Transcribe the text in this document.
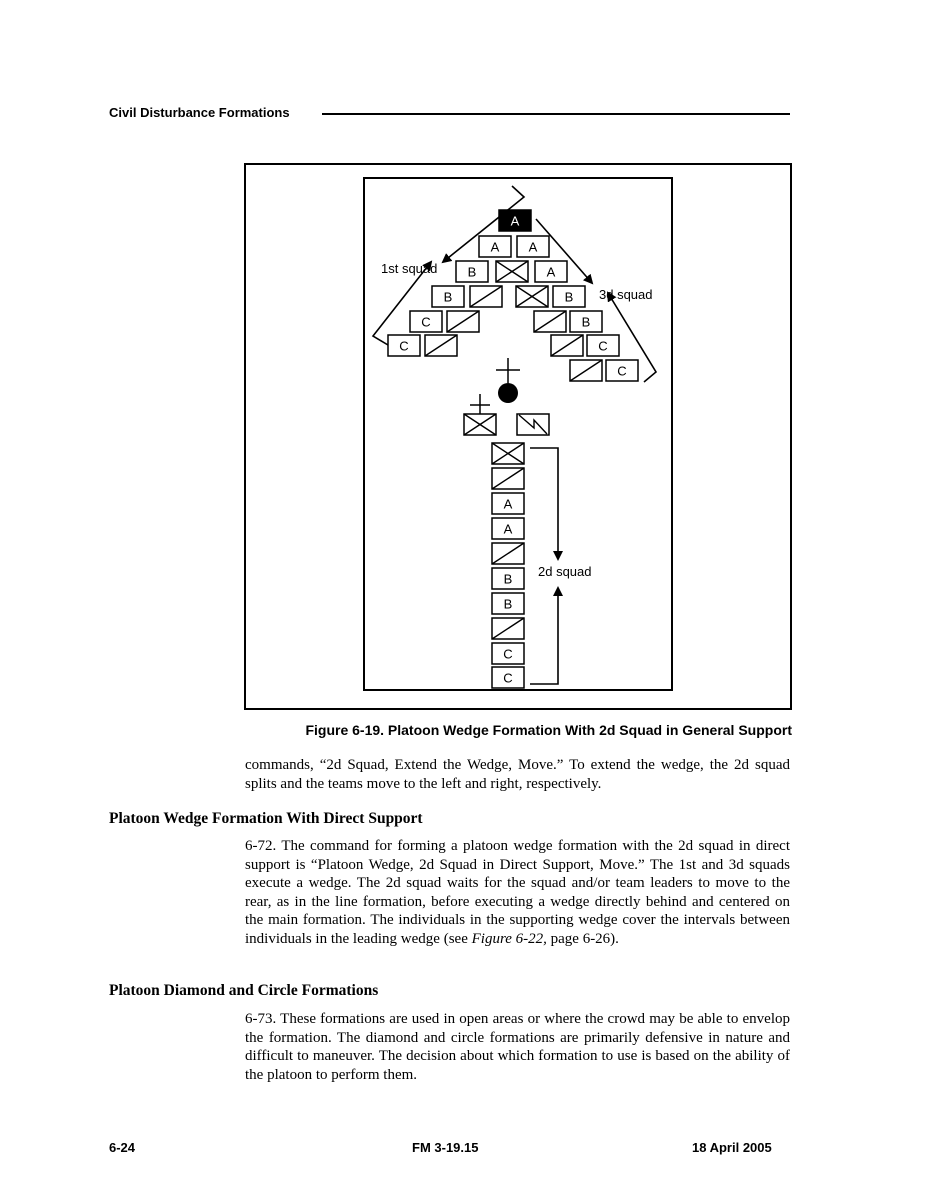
Civil Disturbance Formations
A
A A
B	A
B	B
C	B
C	C
C
A
A
B
B
C
C
1st squad
3d squad
2d squad
Figure 6-19. Platoon Wedge Formation With 2d Squad in General Support
commands, “2d Squad, Extend the Wedge, Move.” To extend the wedge, the 2d squad splits and the teams move to the left and right, respectively.
Platoon Wedge Formation With Direct Support
6-72. The command for forming a platoon wedge formation with the 2d squad in direct support is “Platoon Wedge, 2d Squad in Direct Support, Move.” The 1st and 3d squads execute a wedge. The 2d squad waits for the squad and/or team leaders to move to the rear, as in the line formation, before executing a wedge directly behind and centered on the main formation. The individuals in the supporting wedge cover the intervals between individuals in the leading wedge (see Figure 6-22, page 6-26).
Platoon Diamond and Circle Formations
6-73. These formations are used in open areas or where the crowd may be able to envelop the formation. The diamond and circle formations are primarily defensive in nature and difficult to maneuver. The decision about which formation to use is based on the ability of the platoon to perform them.
6-24	FM 3-19.15	18 April 2005
